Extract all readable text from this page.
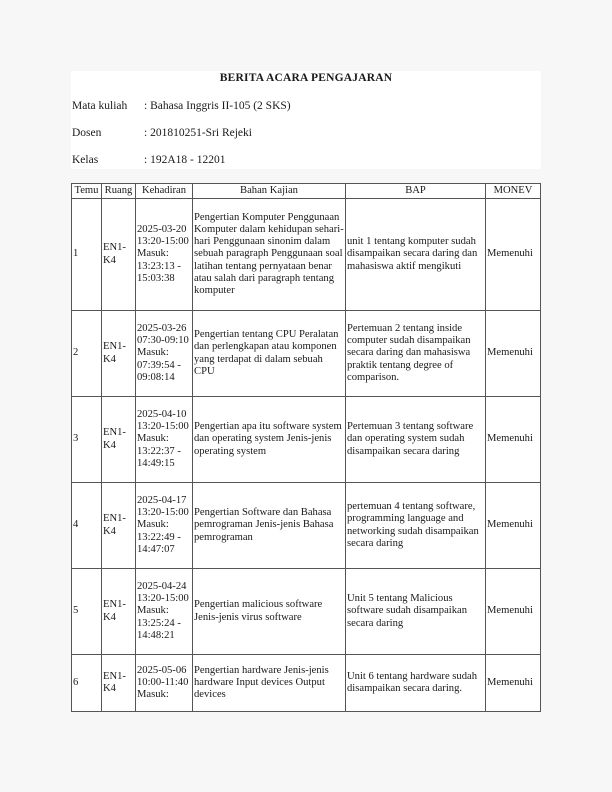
BERITA ACARA PENGAJARAN
Mata kuliah : Bahasa Inggris II-105 (2 SKS)
Dosen	: 201810251-Sri Rejeki
Kelas	: 192A18 - 12201
Temu	Ruang	Kehadiran	Bahan Kajian	BAP	MONEV
1	EN1-K4	2025-03-20 13:20-15:00 Masuk: 13:23:13 - 15:03:38	Pengertian Komputer Penggunaan Komputer dalam kehidupan sehari-hari Penggunaan sinonim dalam sebuah paragraph Penggunaan soal latihan tentang pernyataan benar atau salah dari paragraph tentang komputer	unit 1 tentang komputer sudah disampaikan secara daring dan mahasiswa aktif mengikuti	Memenuhi
2	EN1-K4	2025-03-26 07:30-09:10 Masuk: 07:39:54 - 09:08:14	Pengertian tentang CPU Peralatan dan perlengkapan atau komponen yang terdapat di dalam sebuah CPU	Pertemuan 2 tentang inside computer sudah disampaikan secara daring dan mahasiswa praktik tentang degree of comparison.	Memenuhi
3	EN1-K4	2025-04-10 13:20-15:00 Masuk: 13:22:37 - 14:49:15	Pengertian apa itu software system dan operating system Jenis-jenis operating system	Pertemuan 3 tentang software dan operating system sudah disampaikan secara daring	Memenuhi
4	EN1-K4	2025-04-17 13:20-15:00 Masuk: 13:22:49 - 14:47:07	Pengertian Software dan Bahasa pemrograman Jenis-jenis Bahasa pemrograman	pertemuan 4 tentang software, programming language and networking sudah disampaikan secara daring	Memenuhi
5	EN1-K4	2025-04-24 13:20-15:00 Masuk: 13:25:24 - 14:48:21	Pengertian malicious software Jenis-jenis virus software	Unit 5 tentang Malicious software sudah disampaikan secara daring	Memenuhi
6	EN1-K4	2025-05-06 10:00-11:40 Masuk:	Pengertian hardware Jenis-jenis hardware Input devices Output devices	Unit 6 tentang hardware sudah disampaikan secara daring.	Memenuhi
